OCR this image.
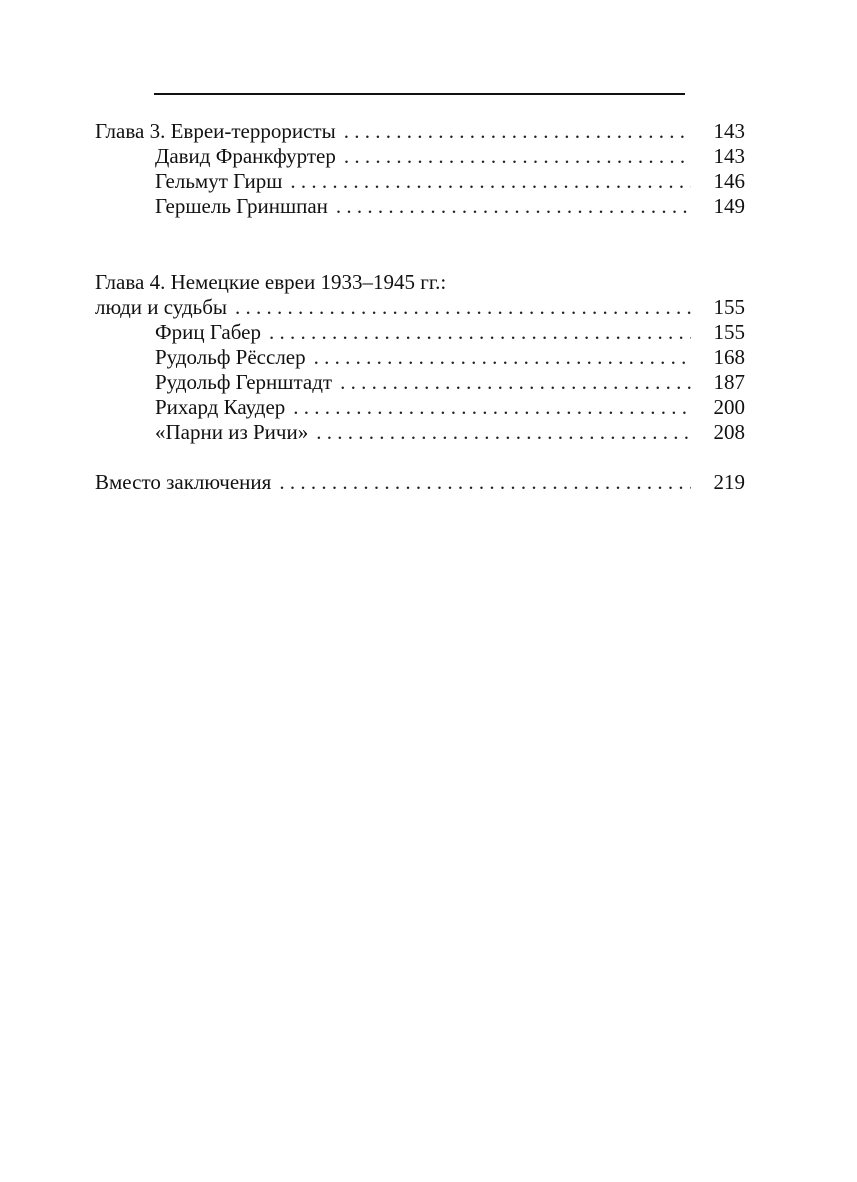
Глава 3. Евреи-террористы . . .	143
Давид Франкфуртер . . .	143
Гельмут Гирш . . .	146
Гершель Гриншпан . . .	149
Глава 4. Немецкие евреи 1933–1945 гг.:
люди и судьбы . . .	155
Фриц Габер . . .	155
Рудольф Рёсслер . . .	168
Рудольф Гернштадт . . .	187
Рихард Каудер . . .	200
«Парни из Ричи» . . .	208
Вместо заключения . . .	219
